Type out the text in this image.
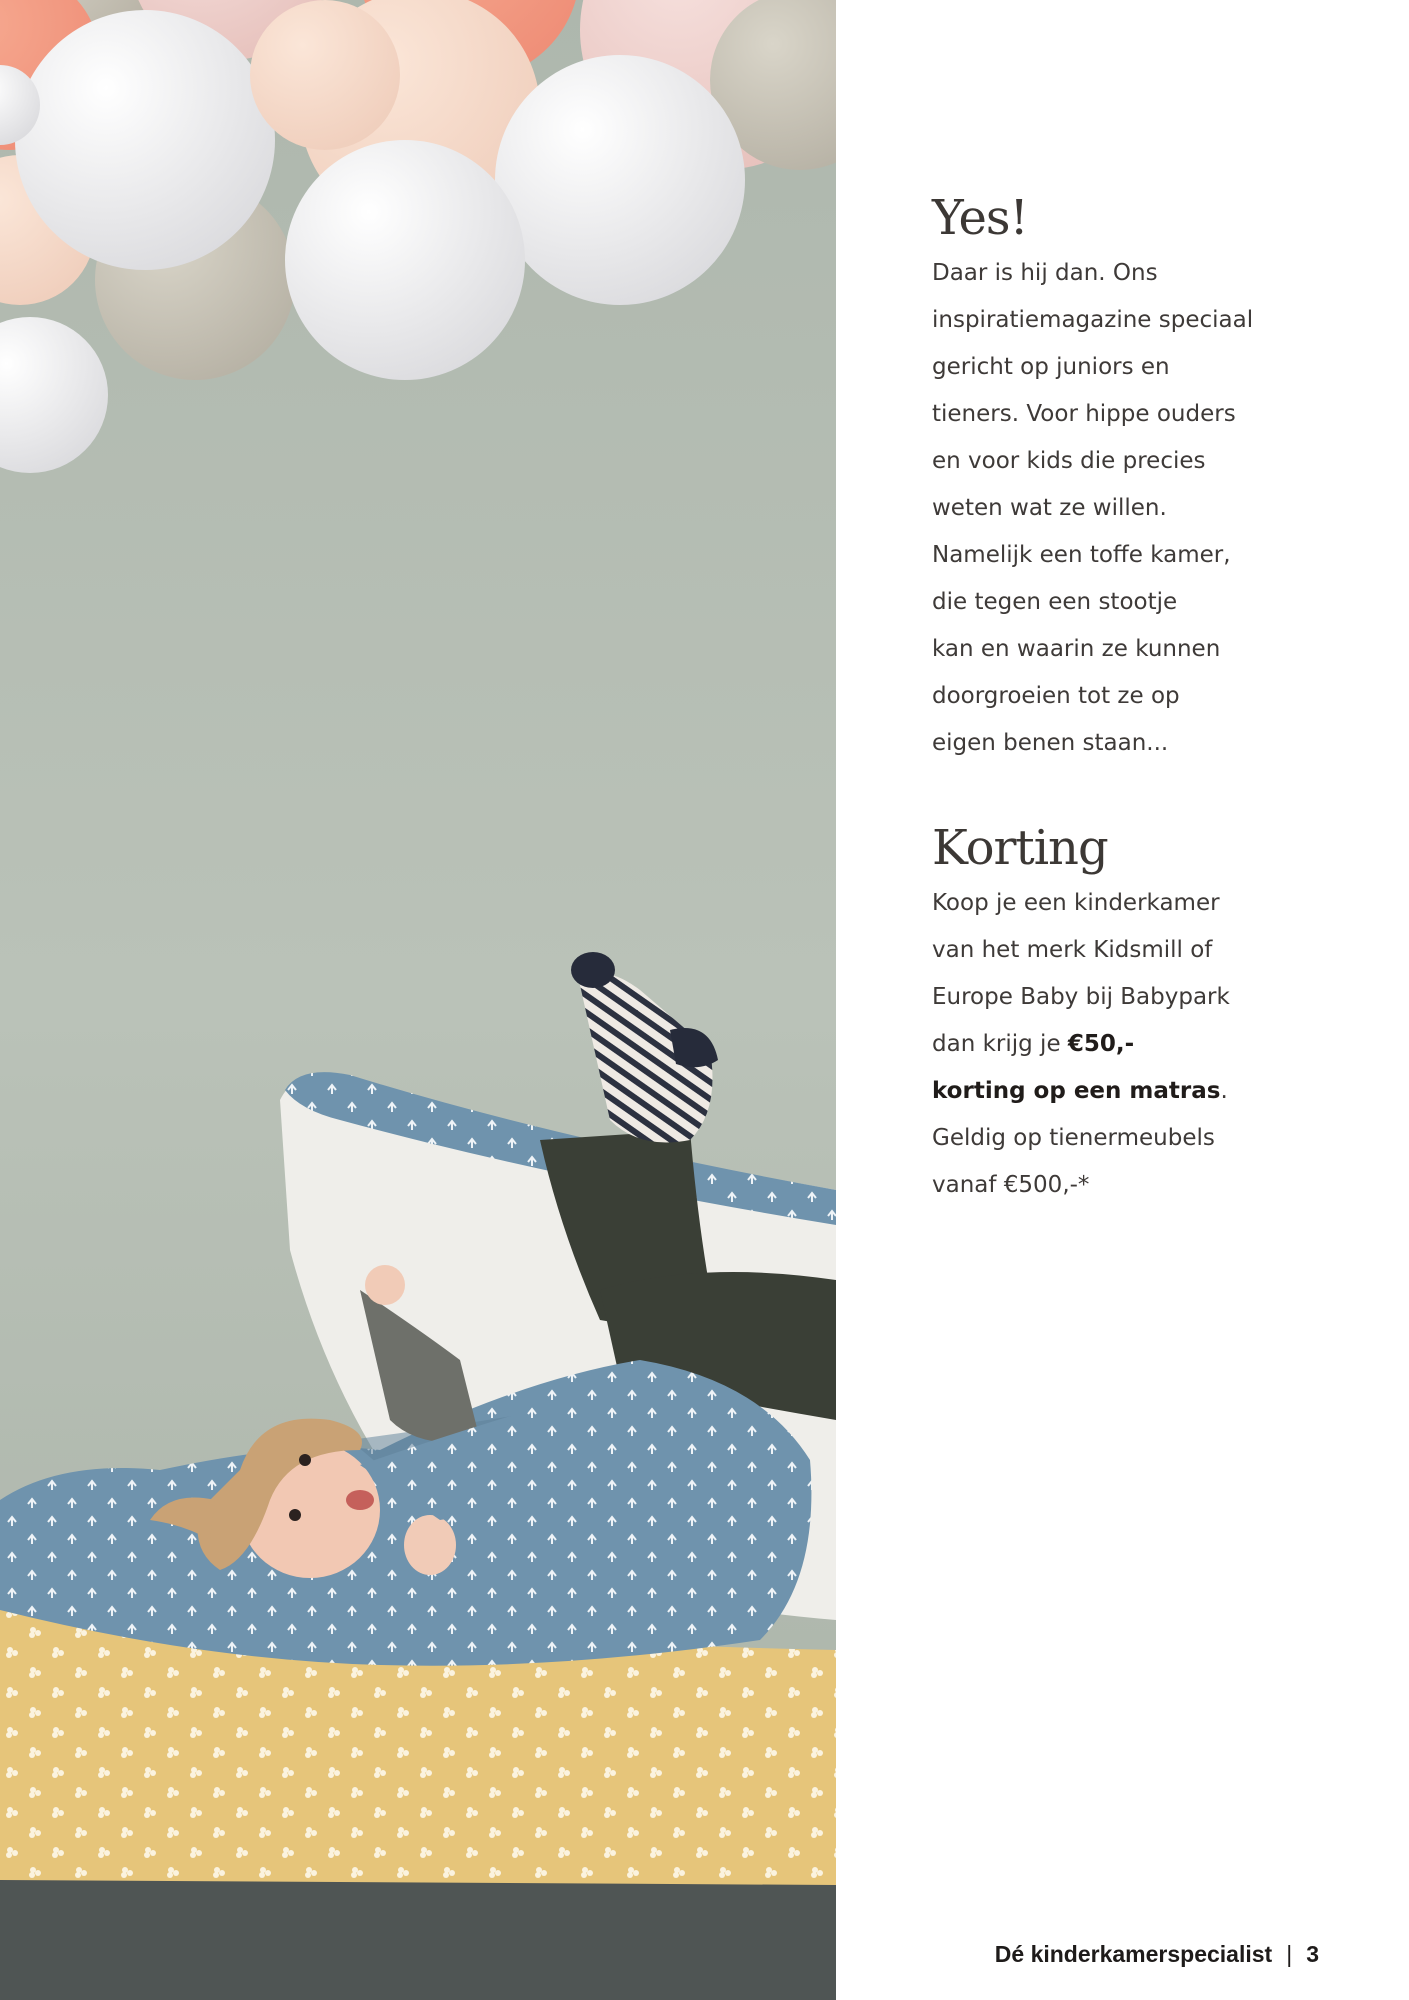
Yes!
Daar is hij dan. Ons
inspiratiemagazine speciaal
gericht op juniors en
tieners. Voor hippe ouders
en voor kids die precies
weten wat ze willen.
Namelijk een toffe kamer,
die tegen een stootje
kan en waarin ze kunnen
doorgroeien tot ze op
eigen benen staan...
Korting
Koop je een kinderkamer
van het merk Kidsmill of
Europe Baby bij Babypark
dan krijg je €50,-
korting op een matras.
Geldig op tienermeubels
vanaf €500,-*
Dé kinderkamerspecialist | 3
